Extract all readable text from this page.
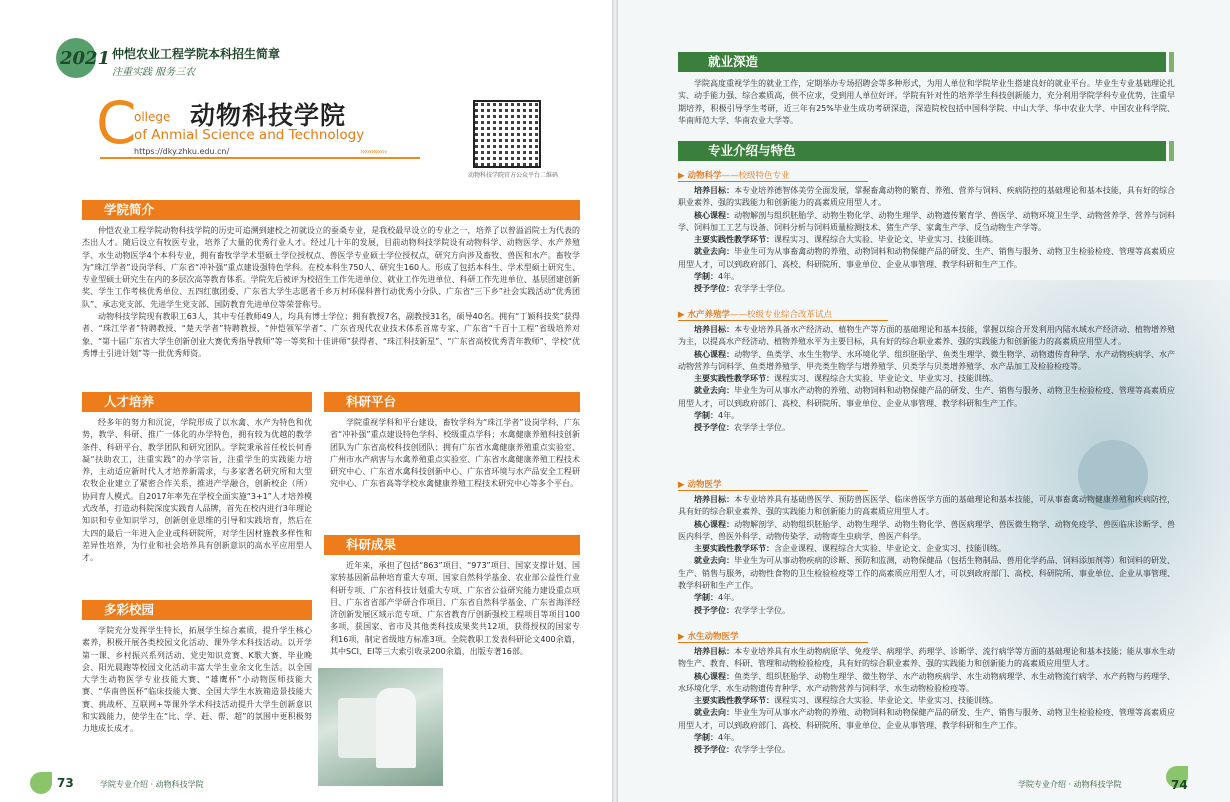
2021 仲恺农业工程学院本科招生简章
注重实践 服务三农
C
ollege 动物科技学院
of Anmial Science and Technology
https://dky.zhku.edu.cn/	››››››››››››
动物科技学院官方公众平台二维码
学院简介

仲恺农业工程学院动物科技学院的历史可追溯到建校之初就设立的蚕桑专业，是我校最早设立的专业之一，培养了以曾溢滔院士为代表的杰出人才。随后设立有牧医专业，培养了大量的优秀行业人才。经过几十年的发展，目前动物科技学院设有动物科学、动物医学、水产养殖学、水生动物医学4个本科专业，拥有畜牧学学术型硕士学位授权点、兽医学专业硕士学位授权点，研究方向涉及畜牧、兽医和水产。畜牧学为“珠江学者”设岗学科、广东省“冲补强”重点建设强特色学科。在校本科生750人、研究生160人。形成了包括本科生、学术型硕士研究生、专业型硕士研究生在内的多层次高等教育体系。学院先后被评为校招生工作先进单位、就业工作先进单位、科研工作先进单位、基层团建创新奖、学生工作考核优秀单位、五四红旗团委、广东省大学生志愿者千乡万村环保科普行动优秀小分队、广东省“三下乡”社会实践活动“优秀团队”、承志党支部、先进学生党支部、国防教育先进单位等荣誉称号。

动物科技学院现有教职工63人，其中专任教师49人，均具有博士学位；拥有教授7名，副教授31名，硕导40名。拥有“丁颖科技奖”获得者、“珠江学者”特聘教授、“楚天学者”特聘教授、“仲恺领军学者”、广东省现代农业技术体系首席专家、广东省“千百十工程”省级培养对象、“第十届广东省大学生创新创业大赛优秀指导教师”等一等奖和十佳讲师”获得者、“珠江科技新星”、“广东省高校优秀青年教师”、学校“优秀博士引进计划”等一批优秀师资。

人才培养

经多年的努力和沉淀，学院形成了以水禽、水产为特色和优势，教学、科研、推广一体化的办学特色，拥有较为优越的教学条件、科研平台、教学团队和研究团队。学院秉承首任校长何香凝“扶助农工，注重实践”的办学宗旨，注重学生的实践能力培养，主动适应新时代人才培养新需求，与多家著名研究所和大型农牧企业建立了紧密合作关系，推进产学融合，创新校企（所）协同育人模式。自2017年率先在学校全面实施“3+1”人才培养模式改革，打造动科院深度实践育人品牌，首先在校内进行3年理论知识和专业知识学习，创新创业思维的引导和实践培育，然后在大四的最后一年进入企业或科研院所，对学生因材施教多样性和差异性培养，为行业和社会培养具有创新意识的高水平应用型人才。

科研平台

学院重视学科和平台建设，畜牧学科为“珠江学者”设岗学科、广东省“冲补强”重点建设特色学科、校级重点学科；水禽健康养殖科技创新团队为广东省高校科技创团队；拥有广东省水禽健康养殖重点实验室、广州市水产病害与水禽养殖重点实验室、广东省水禽健康养殖工程技术研究中心、广东省水禽科技创新中心、广东省环境与水产品安全工程研究中心、广东省高等学校水禽健康养殖工程技术研究中心等多个平台。

科研成果

近年来，承担了包括“863”项目、“973”项目、国家支撑计划、国家转基因新品种培育重大专项、国家自然科学基金、农业部公益性行业科研专项、广东省科技计划重大专项、广东省公益研究能力建设重点项目、广东省省部产学研合作项目、广东省自然科学基金、广东省海洋经济创新发展区域示范专项、广东省教育厅创新强校工程项目等项目100多项，获国家、省市及其他类科技成果奖共12项，获得授权的国家专利16项，制定省级地方标准3项。全院教职工发表科研论文400余篇，其中SCI、EI等三大索引收录200余篇，出版专著16部。

多彩校园

学院充分发挥学生特长，拓展学生综合素质，提升学生核心素养，积极开展各类校园文化活动、课外学术科技活动。以开学第一课、乡村振兴系列活动、党史知识竞赛、K歌大赛、毕业晚会、阳光晨跑等校园文化活动丰富大学生业余文化生活。以全国大学生动物医学专业技能大赛、“雄鹰杯”小动物医师技能大赛、“华南兽医杯”临床技能大赛、全国大学生水族箱造景技能大赛、挑战杯、互联网+等课外学术科技活动提升大学生创新意识和实践能力，使学生在“比、学、赶、帮、超”的氛围中更积极努力地成长成才。

73	学院专业介绍 · 动物科技学院
就业深造

学院高度重视学生的就业工作，定期举办专场招聘会等多种形式，为用人单位和学院毕业生搭建良好的就业平台。毕业生专业基础理论扎实、动手能力强、综合素质高，供不应求，受到用人单位好评。学院有针对性的培养学生科技创新能力，充分利用学院学科专业优势，注重早期培养，积极引导学生考研，近三年有25%毕业生成功考研深造，深造院校包括中国科学院、中山大学、华中农业大学、中国农业科学院、华南师范大学、华南农业大学等。

专业介绍与特色
▶ 动物科学——校级特色专业

培养目标：本专业培养德智体美劳全面发展，掌握畜禽动物的繁育、养殖、营养与饲料、疾病防控的基础理论和基本技能，具有好的综合职业素养、强的实践能力和创新能力的高素质应用型人才。

核心课程：动物解剖与组织胚胎学、动物生物化学、动物生理学、动物遗传繁育学、兽医学、动物环境卫生学、动物营养学、营养与饲料学、饲料加工工艺与设备、饲料分析与饲料质量检测技术、猪生产学、家禽生产学、反刍动物生产学等。

主要实践性教学环节：课程实习、课程综合大实验、毕业论文、毕业实习、技能训练。

就业去向：毕业生可为从事畜禽动物的养殖、动物饲料和动物保健产品的研发、生产、销售与服务、动物卫生检验检疫、管理等高素质应用型人才，可以到政府部门、高校、科研院所、事业单位、企业从事管理、教学科研和生产工作。

学制：4年。

授予学位：农学学士学位。

▶ 水产养殖学——校级专业综合改革试点

培养目标：本专业培养具备水产经济动、植物生产等方面的基础理论和基本技能，掌握以综合开发利用内陆水域水产经济动、植物增养殖为主，以提高水产经济动、植物养殖水平为主要目标，具有好的综合职业素养、强的实践能力和创新能力的高素质应用型人才。

核心课程：动物学、鱼类学、水生生物学、水环境化学、组织胚胎学、鱼类生理学、微生物学、动物遗传育种学、水产动物疾病学、水产动物营养与饲料学、鱼类增养殖学、甲壳类生物学与增养殖学、贝类学与贝类增养殖学、水产品加工及检验检疫等。

主要实践性教学环节：课程实习、课程综合大实验、毕业论文、毕业实习、技能训练。

就业去向：毕业生为可从事水产动物的养殖、动物饲料和动物保健产品的研发、生产、销售与服务、动物卫生检验检疫、管理等高素质应用型人才，可以到政府部门、高校、科研院所、事业单位、企业从事管理、教学科研和生产工作。

学制：4年。

授予学位：农学学士学位。

▶ 动物医学

培养目标：本专业培养具有基础兽医学、预防兽医医学、临床兽医学方面的基础理论和基本技能，可从事畜禽动物健康养殖和疾病防控，具有好的综合职业素养、强的实践能力和创新能力的高素质应用型人才。

核心课程：动物解剖学、动物组织胚胎学、动物生理学、动物生物化学、兽医病理学、兽医微生物学、动物免疫学、兽医临床诊断学、兽医内科学、兽医外科学、动物传染学、动物寄生虫病学、兽医产科学。

主要实践性教学环节：含企业课程、课程综合大实验、毕业论文、企业实习、技能训练。

就业去向：毕业生为可从事动物疾病的诊断、预防和监测，动物保健品（包括生物制品、兽用化学药品、饲料添加剂等）和饲料的研发、生产、销售与服务，动物性食物的卫生检验检疫等工作的高素质应用型人才，可以到政府部门、高校、科研院所、事业单位、企业从事管理、教学科研和生产工作。

学制：4年。

授予学位：农学学士学位。

▶ 水生动物医学

培养目标：本专业培养具有水生动物病原学、免疫学、病理学、药理学、诊断学、流行病学等方面的基础理论和基本技能；能从事水生动物生产、教育、科研、管理和动物检验检疫，具有好的综合职业素养、强的实践能力和创新能力的高素质应用型人才。

核心课程：鱼类学、组织胚胎学、动物生理学、微生物学、水产动物疾病学、水生动物病理学、水生动物流行病学、水产药物与药理学、水环境化学、水生动物遗传育种学、水产动物营养与饲料学、水生动物检验检疫等。

主要实践性教学环节：课程实习、课程综合大实验、毕业论文、毕业实习、技能训练。

就业去向：毕业生为可从事水产动物的养殖、动物饲料和动物保健产品的研发、生产、销售与服务、动物卫生检验检疫、管理等高素质应用型人才，可以到政府部门、高校、科研院所、事业单位、企业从事管理、教学科研和生产工作。

学制：4年。

授予学位：农学学士学位。

学院专业介绍 · 动物科技学院	74
